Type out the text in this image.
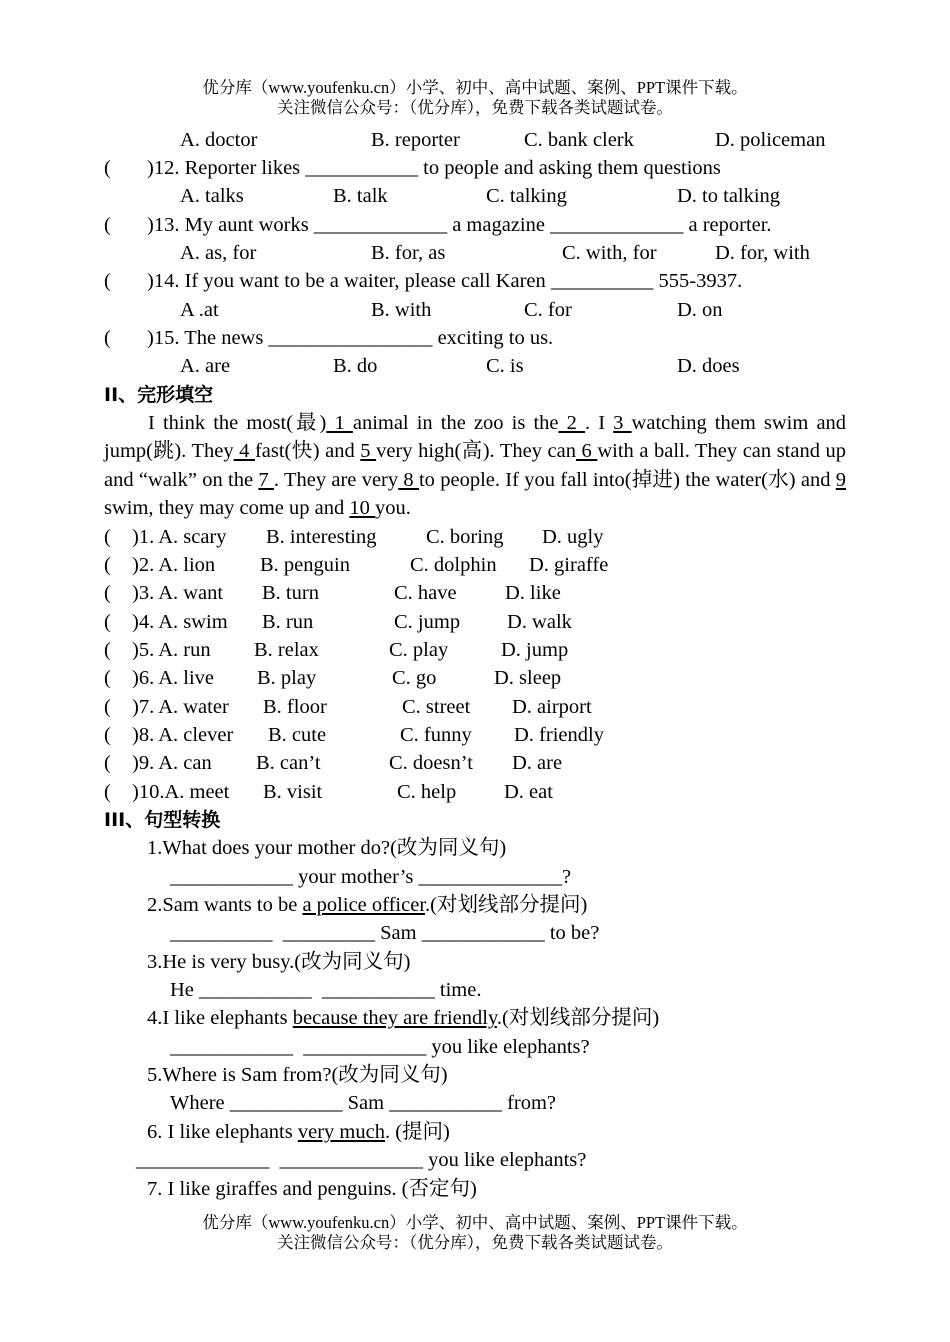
优分库（www.youfenku.cn）小学、初中、高中试题、案例、PPT课件下载。
关注微信公众号：（优分库），免费下载各类试题试卷。

A. doctor

	B. reporter

	C. bank clerk

	D. policeman

( )12. Reporter likes ___________ to people and asking them questions

A. talks

	B. talk

	C. talking

	D. to talking

( )13. My aunt works _____________ a magazine _____________ a reporter.

A. as, for

	B. for, as

	C. with, for

	D. for, with

( )14. If you want to be a waiter, please call Karen __________ 555-3937.

A .at

	B. with

	C. for

	D. on

( )15. The news ________________ exciting to us.

A. are

	B. do

	C. is

	D. does

II、完形填空
I think the most(最) 1 animal in the zoo is the 2 . I 3 watching them swim and jump(跳). They 4 fast(快) and 5 very high(高). They can 6 with a ball. They can stand up and “walk” on the 7 . They are very 8 to people. If you fall into(掉进) the water(水) and 9 swim, they may come up and 10 you.

(

)1. A. scary

B. interesting

C. boring

D. ugly

(

)2. A. lion

B. penguin

	C. dolphin

D. giraffe

(

)3. A. want

B. turn

	C. have

D. like

(

)4. A. swim

B. run

	C. jump

D. walk

(

)5. A. run

B. relax

	C. play

	D. jump

(

)6. A. live

B. play

	C. go

	D. sleep

(

)7. A. water

B. floor

	C. street

D. airport

(

)8. A. clever

B. cute

	C. funny

D. friendly

(

)9. A. can

B. can’t

	C. doesn’t

D. are

(

)10.A. meet

B. visit

	C. help

D. eat

III、句型转换
1.What does your mother do?(改为同义句)
____________ your mother’s ______________?
2.Sam wants to be a police officer.(对划线部分提问)
__________  _________ Sam ____________ to be?
3.He is very busy.(改为同义句)
He ___________  ___________ time.
4.I like elephants because they are friendly.(对划线部分提问)
____________  ____________ you like elephants?
5.Where is Sam from?(改为同义句)
Where ___________ Sam ___________ from?
6. I like elephants very much. (提问)
_____________  ______________ you like elephants?
7. I like giraffes and penguins. (否定句)
优分库（www.youfenku.cn）小学、初中、高中试题、案例、PPT课件下载。
关注微信公众号：（优分库），免费下载各类试题试卷。
